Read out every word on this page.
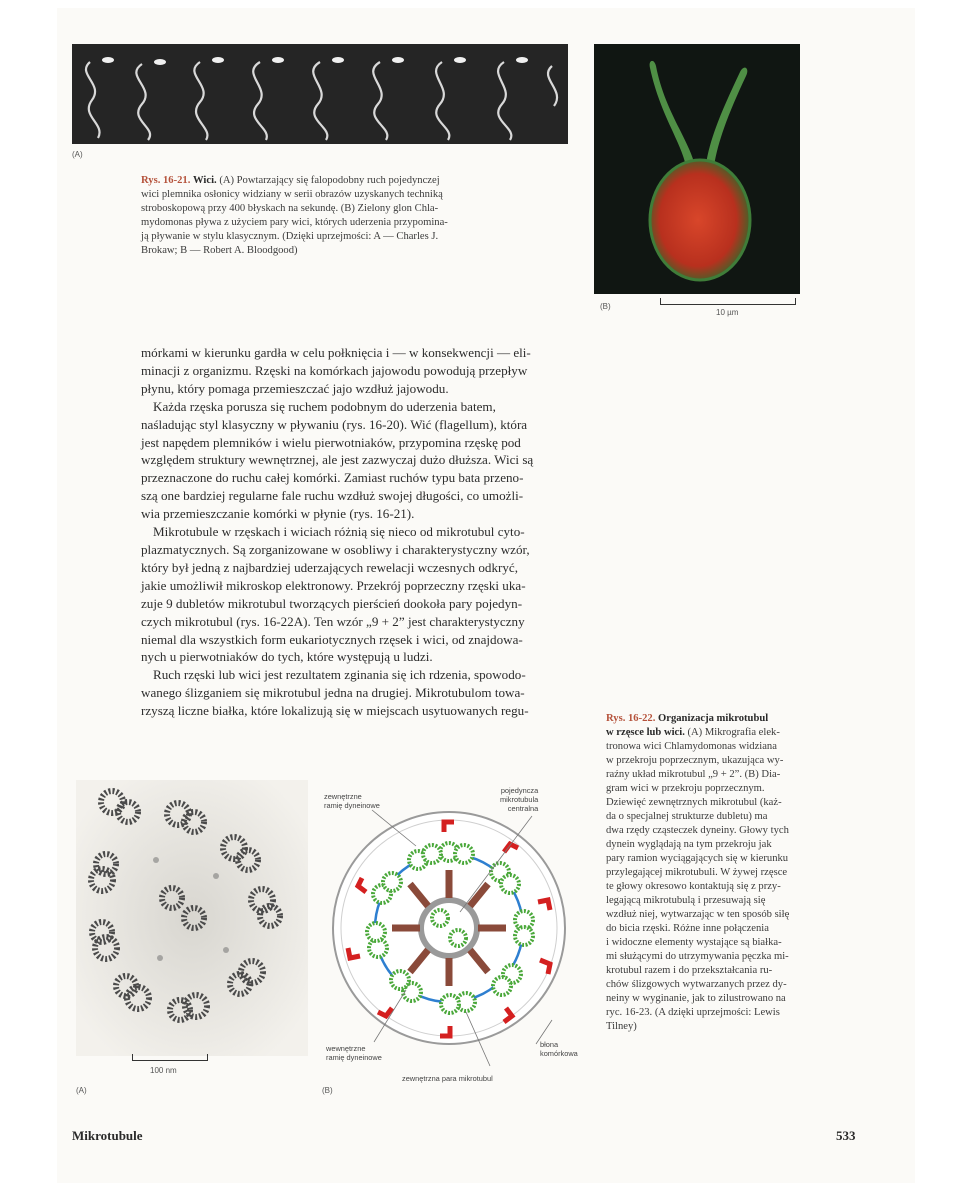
(A)
Rys. 16-21. Wici. (A) Powtarzający się falopodobny ruch pojedynczej
wici plemnika osłonicy widziany w serii obrazów uzyskanych techniką
stroboskopową przy 400 błyskach na sekundę. (B) Zielony glon Chla-
mydomonas pływa z użyciem pary wici, których uderzenia przypomina-
ją pływanie w stylu klasycznym. (Dzięki uprzejmości: A — Charles J.
Brokaw; B — Robert A. Bloodgood)
(B)
10 µm

mórkami w kierunku gardła w celu połknięcia i — w konsekwencji — eli-
minacji z organizmu. Rzęski na komórkach jajowodu powodują przepływ
płynu, który pomaga przemieszczać jajo wzdłuż jajowodu.

Każda rzęska porusza się ruchem podobnym do uderzenia batem,
naśladując styl klasyczny w pływaniu (rys. 16-20). Wić (flagellum), która
jest napędem plemników i wielu pierwotniaków, przypomina rzęskę pod
względem struktury wewnętrznej, ale jest zazwyczaj dużo dłuższa. Wici są
przeznaczone do ruchu całej komórki. Zamiast ruchów typu bata przeno-
szą one bardziej regularne fale ruchu wzdłuż swojej długości, co umożli-
wia przemieszczanie komórki w płynie (rys. 16-21).

Mikrotubule w rzęskach i wiciach różnią się nieco od mikrotubul cyto-
plazmatycznych. Są zorganizowane w osobliwy i charakterystyczny wzór,
który był jedną z najbardziej uderzających rewelacji wczesnych odkryć,
jakie umożliwił mikroskop elektronowy. Przekrój poprzeczny rzęski uka-
zuje 9 dubletów mikrotubul tworzących pierścień dookoła pary pojedyn-
czych mikrotubul (rys. 16-22A). Ten wzór „9 + 2” jest charakterystyczny
niemal dla wszystkich form eukariotycznych rzęsek i wici, od znajdowa-
nych u pierwotniaków do tych, które występują u ludzi.

Ruch rzęski lub wici jest rezultatem zginania się ich rdzenia, spowodo-
wanego ślizganiem się mikrotubul jedna na drugiej. Mikrotubulom towa-
rzyszą liczne białka, które lokalizują się w miejscach usytuowanych regu-

Rys. 16-22. Organizacja mikrotubul
w rzęsce lub wici. (A) Mikrografia elek-
tronowa wici Chlamydomonas widziana
w przekroju poprzecznym, ukazująca wy-
raźny układ mikrotubul „9 + 2”. (B) Dia-
gram wici w przekroju poprzecznym.
Dziewięć zewnętrznych mikrotubul (każ-
da o specjalnej strukturze dubletu) ma
dwa rzędy cząsteczek dyneiny. Głowy tych
dynein wyglądają na tym przekroju jak
pary ramion wyciągających się w kierunku
przylegającej mikrotubuli. W żywej rzęsce
te głowy okresowo kontaktują się z przy-
legającą mikrotubulą i przesuwają się
wzdłuż niej, wytwarzając w ten sposób siłę
do bicia rzęski. Różne inne połączenia
i widoczne elementy wystające są białka-
mi służącymi do utrzymywania pęczka mi-
krotubul razem i do przekształcania ru-
chów ślizgowych wytwarzanych przez dy-
neiny w wyginanie, jak to zilustrowano na
ryc. 16-23. (A dzięki uprzejmości: Lewis
Tilney)
100 nm
(A)
zewnętrzne
ramię dyneinowe
pojedyncza
mikrotubula
centralna
wewnętrzne
ramię dyneinowe
błona
komórkowa
zewnętrzna para mikrotubul
(B)
Mikrotubule	533
